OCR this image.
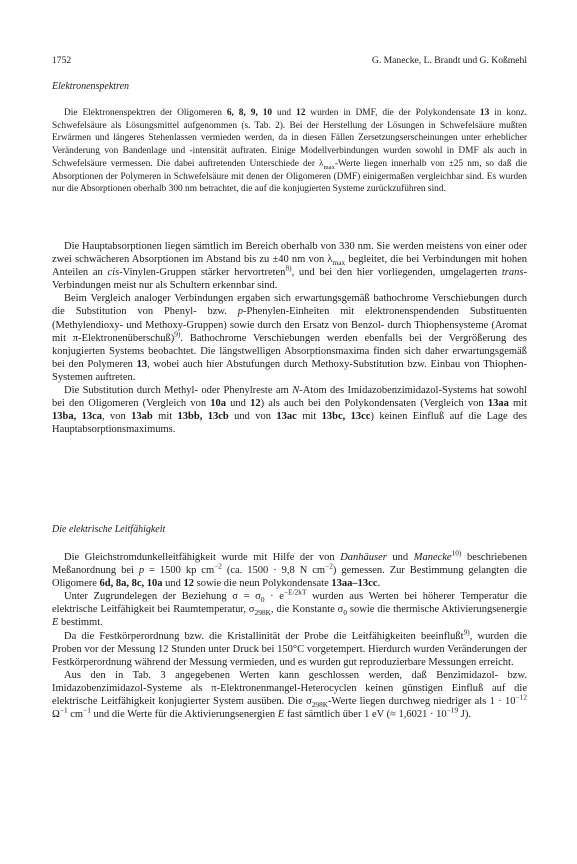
1752	G. Manecke, L. Brandt und G. Koßmehl
Elektronenspektren

Die Elektronenspektren der Oligomeren 6, 8, 9, 10 und 12 wurden in DMF, die der Polykondensate 13 in konz. Schwefelsäure als Lösungsmittel aufgenommen (s. Tab. 2). Bei der Herstellung der Lösungen in Schwefelsäure mußten Erwärmen und längeres Stehenlassen vermieden werden, da in diesen Fällen Zersetzungserscheinungen unter erheblicher Veränderung von Bandenlage und -intensität auftraten. Einige Modellverbindungen wurden sowohl in DMF als auch in Schwefelsäure vermessen. Die dabei auftretenden Unterschiede der $\lambda_{max}$-Werte liegen innerhalb von ±25 nm, so daß die Absorptionen der Polymeren in Schwefelsäure mit denen der Oligomeren (DMF) einigermaßen vergleichbar sind. Es wurden nur die Absorptionen oberhalb 300 nm betrachtet, die auf die konjugierten Systeme zurückzuführen sind.

Die Hauptabsorptionen liegen sämtlich im Bereich oberhalb von 330 nm. Sie werden meistens von einer oder zwei schwächeren Absorptionen im Abstand bis zu ±40 nm von $\lambda_{max}$ begleitet, die bei Verbindungen mit hohen Anteilen an cis-Vinylen-Gruppen stärker hervortreten$^{8)}$, und bei den hier vorliegenden, umgelagerten trans-Verbindungen meist nur als Schultern erkennbar sind.

Beim Vergleich analoger Verbindungen ergaben sich erwartungsgemäß bathochrome Verschiebungen durch die Substitution von Phenyl- bzw. p-Phenylen-Einheiten mit elektronenspendenden Substituenten (Methylendioxy- und Methoxy-Gruppen) sowie durch den Ersatz von Benzol- durch Thiophensysteme (Aromat mit π-Elektronenüberschuß)$^{9)}$. Bathochrome Verschiebungen werden ebenfalls bei der Vergrößerung des konjugierten Systems beobachtet. Die längstwelligen Absorptionsmaxima finden sich daher erwartungsgemäß bei den Polymeren 13, wobei auch hier Abstufungen durch Methoxy-Substitution bzw. Einbau von Thiophen-Systemen auftreten.

Die Substitution durch Methyl- oder Phenylreste am N-Atom des Imidazobenzimidazol-Systems hat sowohl bei den Oligomeren (Vergleich von 10a und 12) als auch bei den Polykondensaten (Vergleich von 13aa mit 13ba, 13ca, von 13ab mit 13bb, 13cb und von 13ac mit 13bc, 13cc) keinen Einfluß auf die Lage des Hauptabsorptionsmaximums.

Die elektrische Leitfähigkeit

Die Gleichstromdunkelleitfähigkeit wurde mit Hilfe der von Danhäuser und Manecke$^{10)}$ beschriebenen Meßanordnung bei p = 1500 kp $cm^{-2}$ (ca. 1500 · 9,8 N $cm^{-2}$) gemessen. Zur Bestimmung gelangten die Oligomere 6d, 8a, 8c, 10a und 12 sowie die neun Polykondensate 13aa–13cc.

Unter Zugrundelegen der Beziehung $\sigma = \sigma_0 \cdot e^{-E/2kT}$ wurden aus Werten bei höherer Temperatur die elektrische Leitfähigkeit bei Raumtemperatur, $\sigma_{298K}$, die Konstante $\sigma_0$ sowie die thermische Aktivierungsenergie E bestimmt.

Da die Festkörperordnung bzw. die Kristallinität der Probe die Leitfähigkeiten beeinflußt$^{9)}$, wurden die Proben vor der Messung 12 Stunden unter Druck bei 150°C vorgetempert. Hierdurch wurden Veränderungen der Festkörperordnung während der Messung vermieden, und es wurden gut reproduzierbare Messungen erreicht.

Aus den in Tab. 3 angegebenen Werten kann geschlossen werden, daß Benzimidazol- bzw. Imidazobenzimidazol-Systeme als π-Elektronenmangel-Heterocyclen keinen günstigen Einfluß auf die elektrische Leitfähigkeit konjugierter System ausüben. Die $\sigma_{298K}$-Werte liegen durchweg niedriger als $1 \cdot 10^{-12}$ $\Omega^{-1}$ $cm^{-1}$ und die Werte für die Aktivierungsenergien E fast sämtlich über 1 eV (≈ $1,6021 \cdot 10^{-19}$ J).
